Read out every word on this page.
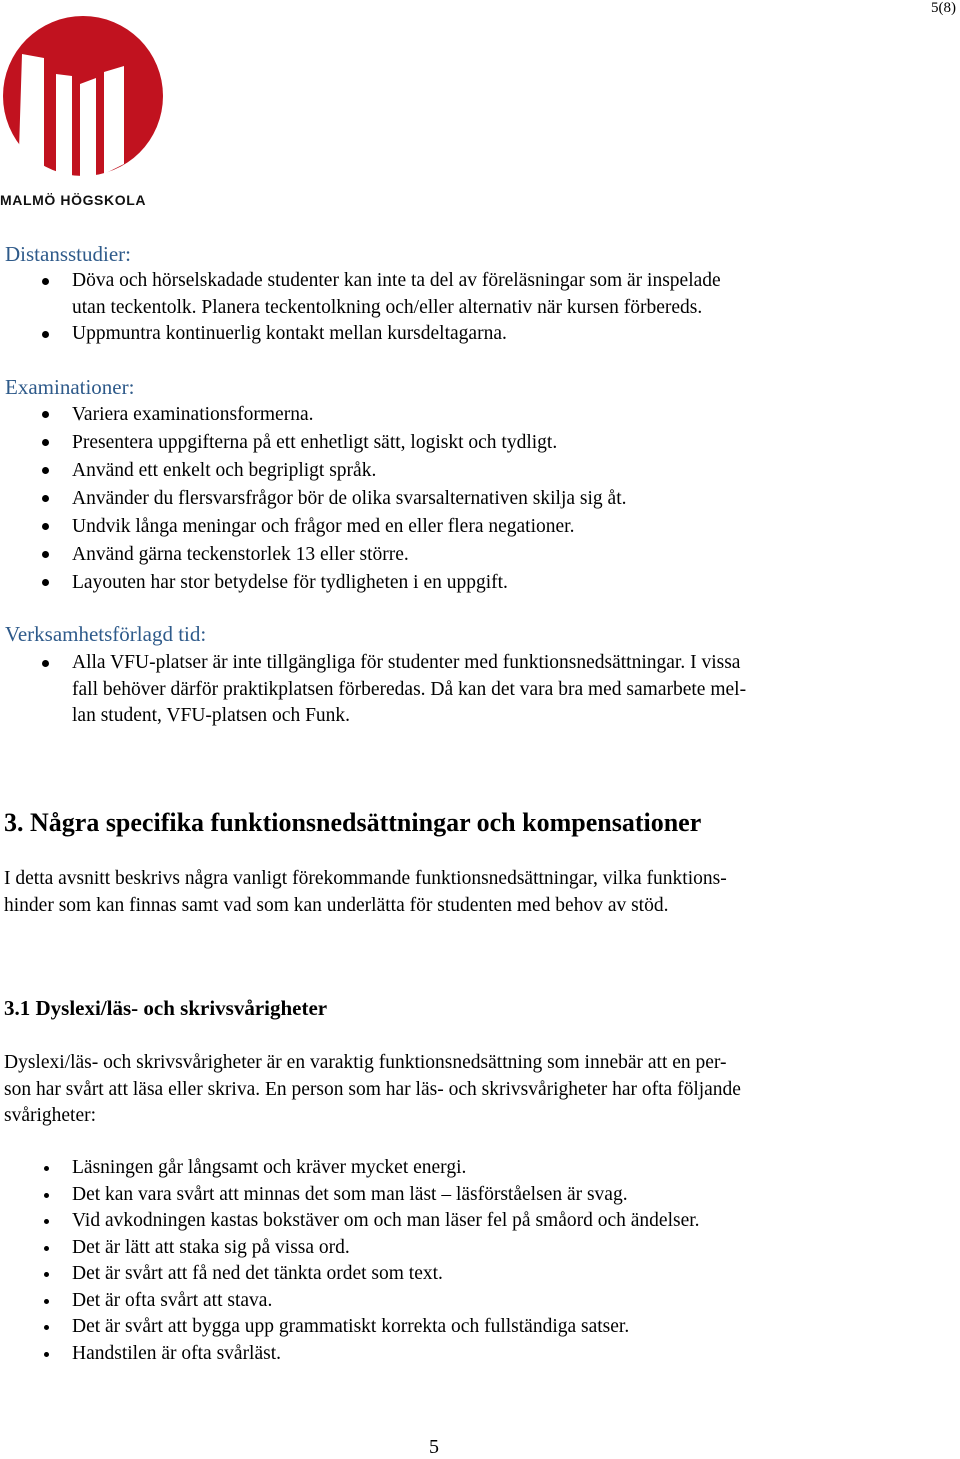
5(8)
MALMÖ HÖGSKOLA
Distansstudier:
Döva och hörselskadade studenter kan inte ta del av föreläsningar som är inspelade
utan teckentolk. Planera teckentolkning och/eller alternativ när kursen förbereds.
Uppmuntra kontinuerlig kontakt mellan kursdeltagarna.
Examinationer:
Variera examinationsformerna.
Presentera uppgifterna på ett enhetligt sätt, logiskt och tydligt.
Använd ett enkelt och begripligt språk.
Använder du flersvarsfrågor bör de olika svarsalternativen skilja sig åt.
Undvik långa meningar och frågor med en eller flera negationer.
Använd gärna teckenstorlek 13 eller större.
Layouten har stor betydelse för tydligheten i en uppgift.
Verksamhetsförlagd tid:
Alla VFU-platser är inte tillgängliga för studenter med funktionsnedsättningar. I vissa
fall behöver därför praktikplatsen förberedas. Då kan det vara bra med samarbete mel-
lan student, VFU-platsen och Funk.
3. Några specifika funktionsnedsättningar och kompensationer

I detta avsnitt beskrivs några vanligt förekommande funktionsnedsättningar, vilka funktions-
hinder som kan finnas samt vad som kan underlätta för studenten med behov av stöd.

3.1 Dyslexi/läs- och skrivsvårigheter

Dyslexi/läs- och skrivsvårigheter är en varaktig funktionsnedsättning som innebär att en per-
son har svårt att läsa eller skriva. En person som har läs- och skrivsvårigheter har ofta följande
svårigheter:

Läsningen går långsamt och kräver mycket energi.
Det kan vara svårt att minnas det som man läst – läsförståelsen är svag.
Vid avkodningen kastas bokstäver om och man läser fel på småord och ändelser.
Det är lätt att staka sig på vissa ord.
Det är svårt att få ned det tänkta ordet som text.
Det är ofta svårt att stava.
Det är svårt att bygga upp grammatiskt korrekta och fullständiga satser.
Handstilen är ofta svårläst.
5
